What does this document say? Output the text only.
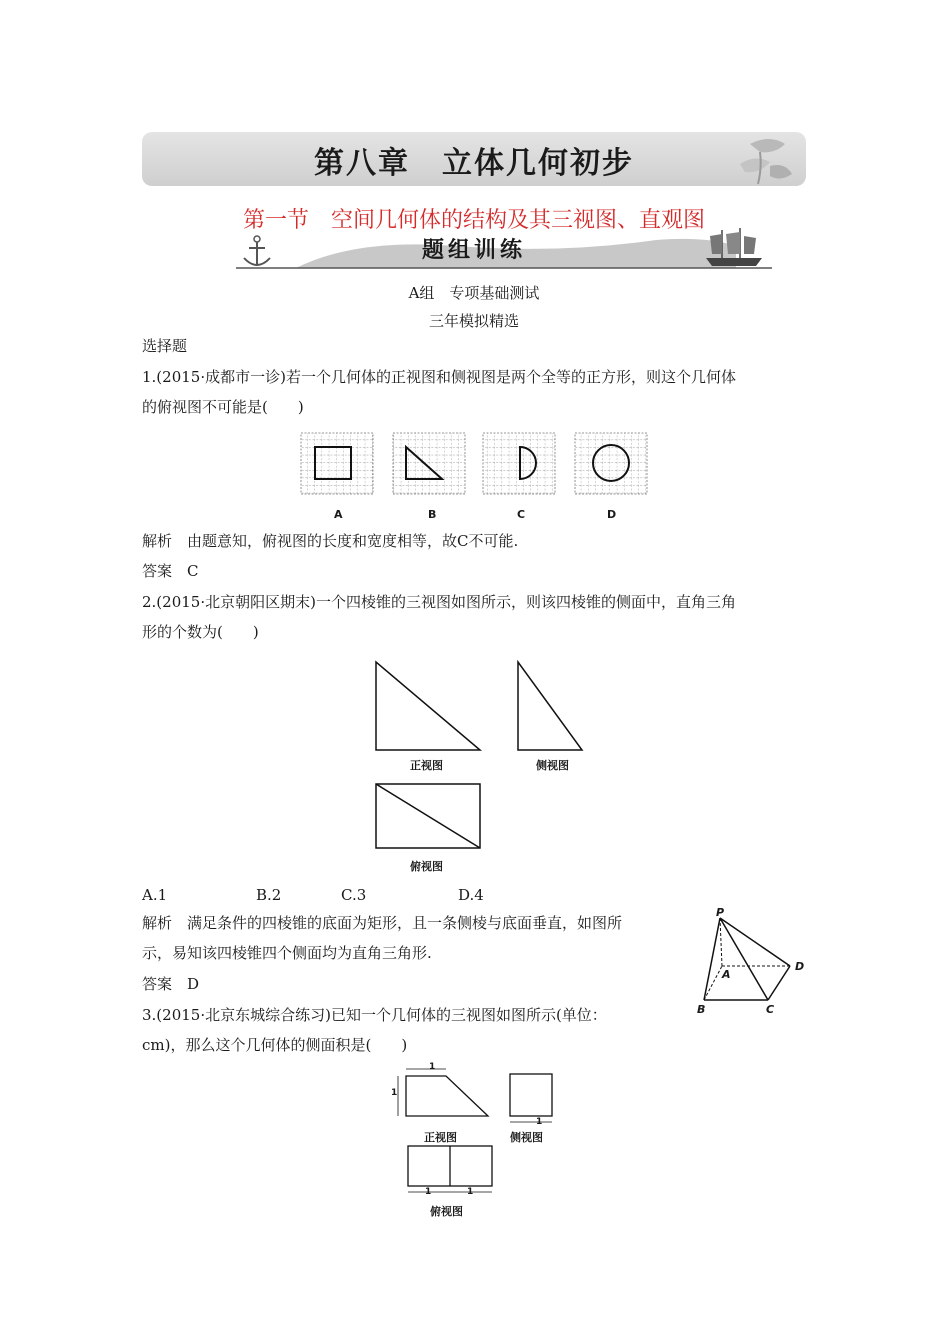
第八章　立体几何初步
第一节　空间几何体的结构及其三视图、直观图
题组训练
A组　专项基础测试
三年模拟精选
选择题
1.(2015·成都市一诊)若一个几何体的正视图和侧视图是两个全等的正方形，则这个几何体
的俯视图不可能是(　　)
A	B	C	D
解析　由题意知，俯视图的长度和宽度相等，故C不可能.
答案　C
2.(2015·北京朝阳区期末)一个四棱锥的三视图如图所示，则该四棱锥的侧面中，直角三角
形的个数为(　　)
正视图	侧视图
俯视图
A.1	B.2	C.3	D.4
解析　满足条件的四棱锥的底面为矩形，且一条侧棱与底面垂直，如图所
示，易知该四棱锥四个侧面均为直角三角形.
答案　D
P
A
B	C
D
3.(2015·北京东城综合练习)已知一个几何体的三视图如图所示(单位：
cm)，那么这个几何体的侧面积是(　　)
1
1
1
1	1
正视图	侧视图
俯视图
